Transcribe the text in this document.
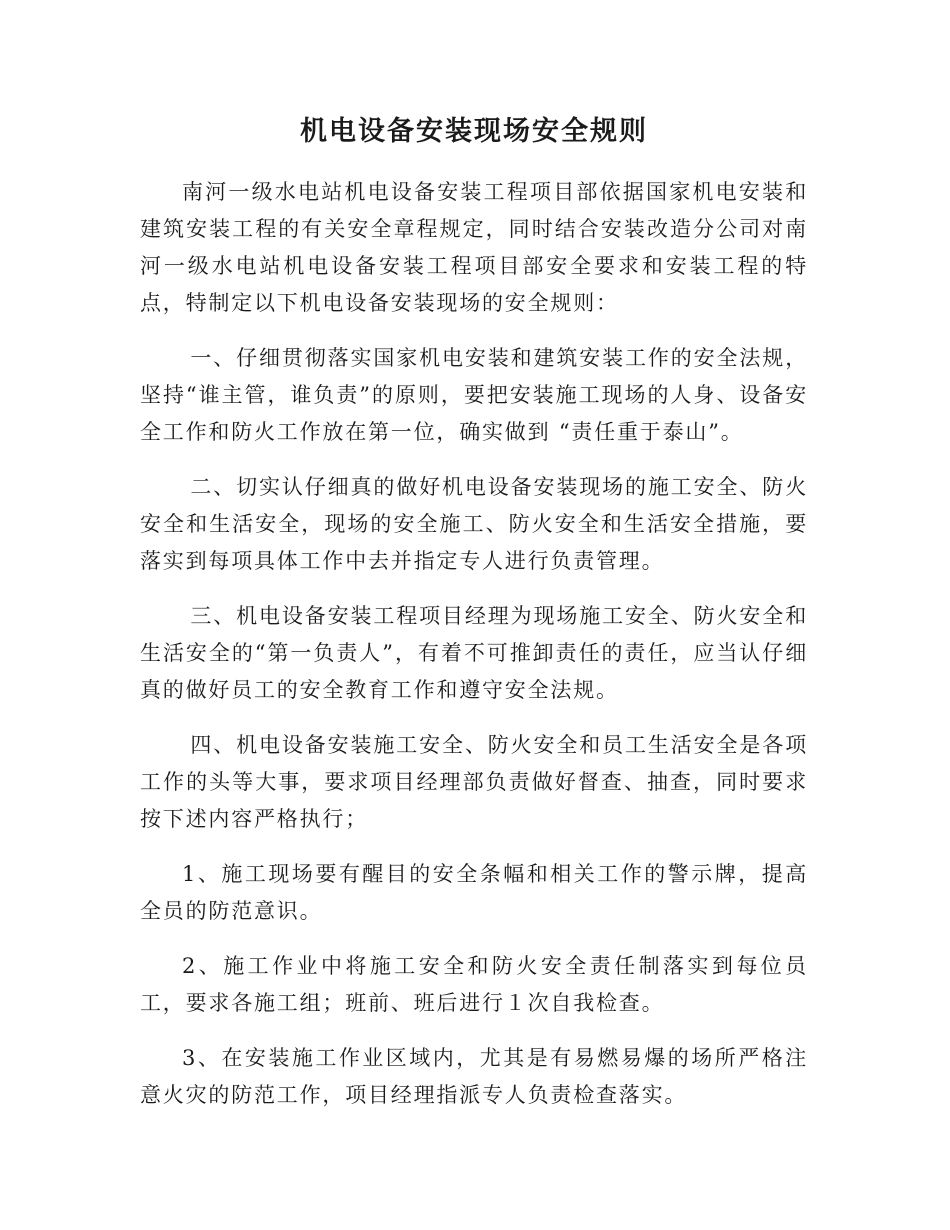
机电设备安装现场安全规则

南河一级水电站机电设备安装工程项目部依据国家机电安装和建筑安装工程的有关安全章程规定，同时结合安装改造分公司对南河一级水电站机电设备安装工程项目部安全要求和安装工程的特点，特制定以下机电设备安装现场的安全规则：

一、仔细贯彻落实国家机电安装和建筑安装工作的安全法规，坚持“谁主管，谁负责”的原则，要把安装施工现场的人身、设备安全工作和防火工作放在第一位，确实做到 “责任重于泰山”。

二、切实认仔细真的做好机电设备安装现场的施工安全、防火安全和生活安全，现场的安全施工、防火安全和生活安全措施，要落实到每项具体工作中去并指定专人进行负责管理。

三、机电设备安装工程项目经理为现场施工安全、防火安全和生活安全的“第一负责人”，有着不可推卸责任的责任，应当认仔细真的做好员工的安全教育工作和遵守安全法规。

四、机电设备安装施工安全、防火安全和员工生活安全是各项工作的头等大事，要求项目经理部负责做好督查、抽查，同时要求按下述内容严格执行；

1、施工现场要有醒目的安全条幅和相关工作的警示牌，提高全员的防范意识。

2、施工作业中将施工安全和防火安全责任制落实到每位员工，要求各施工组；班前、班后进行１次自我检查。

3、在安装施工作业区域内，尤其是有易燃易爆的场所严格注意火灾的防范工作，项目经理指派专人负责检查落实。
